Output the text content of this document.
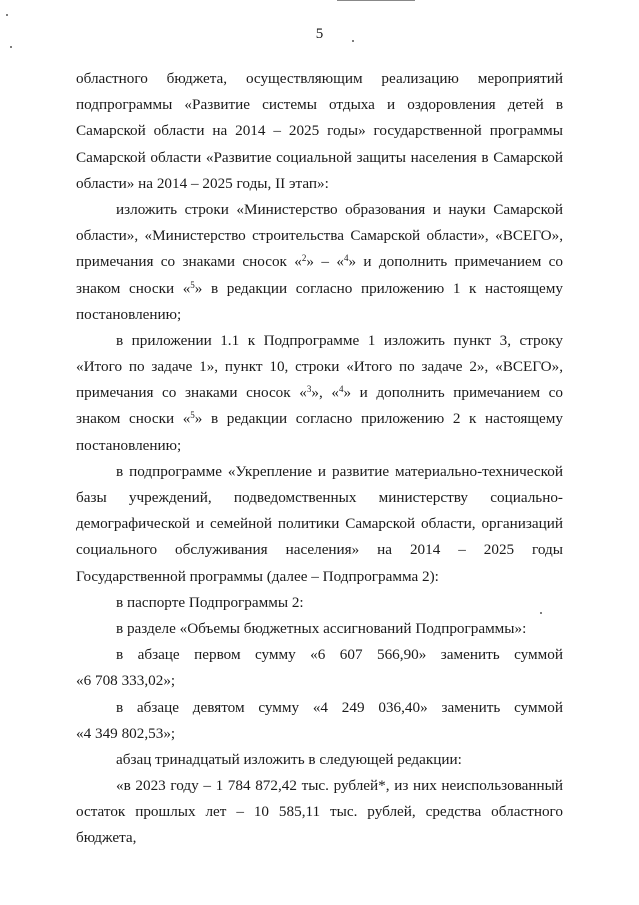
5
областного бюджета, осуществляющим реализацию мероприятий
подпрограммы «Развитие системы отдыха и оздоровления детей в
Самарской области на 2014 – 2025 годы» государственной программы
Самарской области «Развитие социальной защиты населения в Самарской
области» на 2014 – 2025 годы, II этап»:
изложить строки «Министерство образования и науки Самарской
области», «Министерство строительства Самарской области», «ВСЕГО»,
примечания со знаками сносок «$^2$» – «$^4$» и дополнить примечанием со
знаком сноски «$^5$» в редакции согласно приложению 1 к настоящему
постановлению;
в приложении 1.1 к Подпрограмме 1 изложить пункт 3, строку
«Итого по задаче 1», пункт 10, строки «Итого по задаче 2», «ВСЕГО»,
примечания со знаками сносок «$^3$», «$^4$» и дополнить примечанием со
знаком сноски «$^5$» в редакции согласно приложению 2 к настоящему
постановлению;
в подпрограмме «Укрепление и развитие материально-технической
базы учреждений, подведомственных министерству социально-
демографической и семейной политики Самарской области, организаций
социального обслуживания населения» на 2014 – 2025 годы
Государственной программы (далее – Подпрограмма 2):
в паспорте Подпрограммы 2:
в разделе «Объемы бюджетных ассигнований Подпрограммы»:
в абзаце первом сумму «6 607 566,90» заменить суммой
«6 708 333,02»;
в абзаце девятом сумму «4 249 036,40» заменить суммой
«4 349 802,53»;
абзац тринадцатый изложить в следующей редакции:
«в 2023 году – 1 784 872,42 тыс. рублей*, из них неиспользованный
остаток прошлых лет – 10 585,11 тыс. рублей, средства областного бюджета,
